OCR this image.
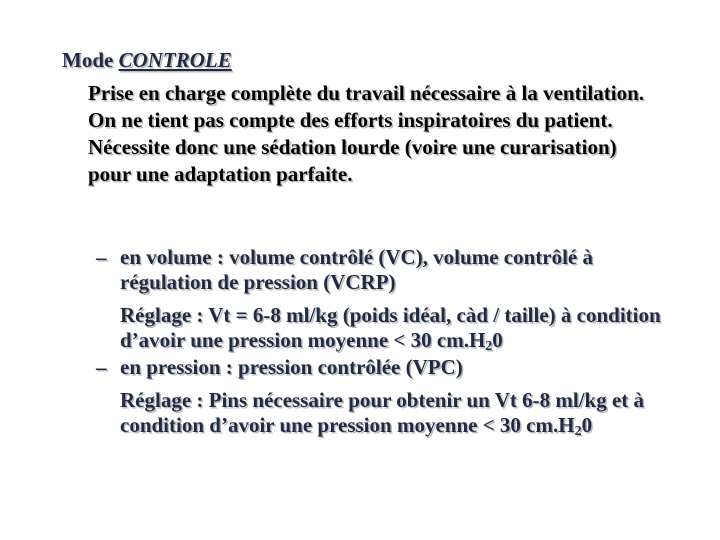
Mode CONTROLE

Prise en charge complète du travail nécessaire à la ventilation. On ne tient pas compte des efforts inspiratoires du patient. Nécessite donc une sédation lourde (voire une curarisation) pour une adaptation parfaite.

– en volume : volume contrôlé (VC), volume contrôlé à régulation de pression (VCRP)
Réglage : Vt = 6-8 ml/kg (poids idéal, càd / taille) à condition d’avoir une pression moyenne < 30 $cm.H_20$
– en pression : pression contrôlée (VPC)
Réglage : Pins nécessaire pour obtenir un Vt 6-8 ml/kg et à condition d’avoir une pression moyenne < 30 $cm.H_20$
